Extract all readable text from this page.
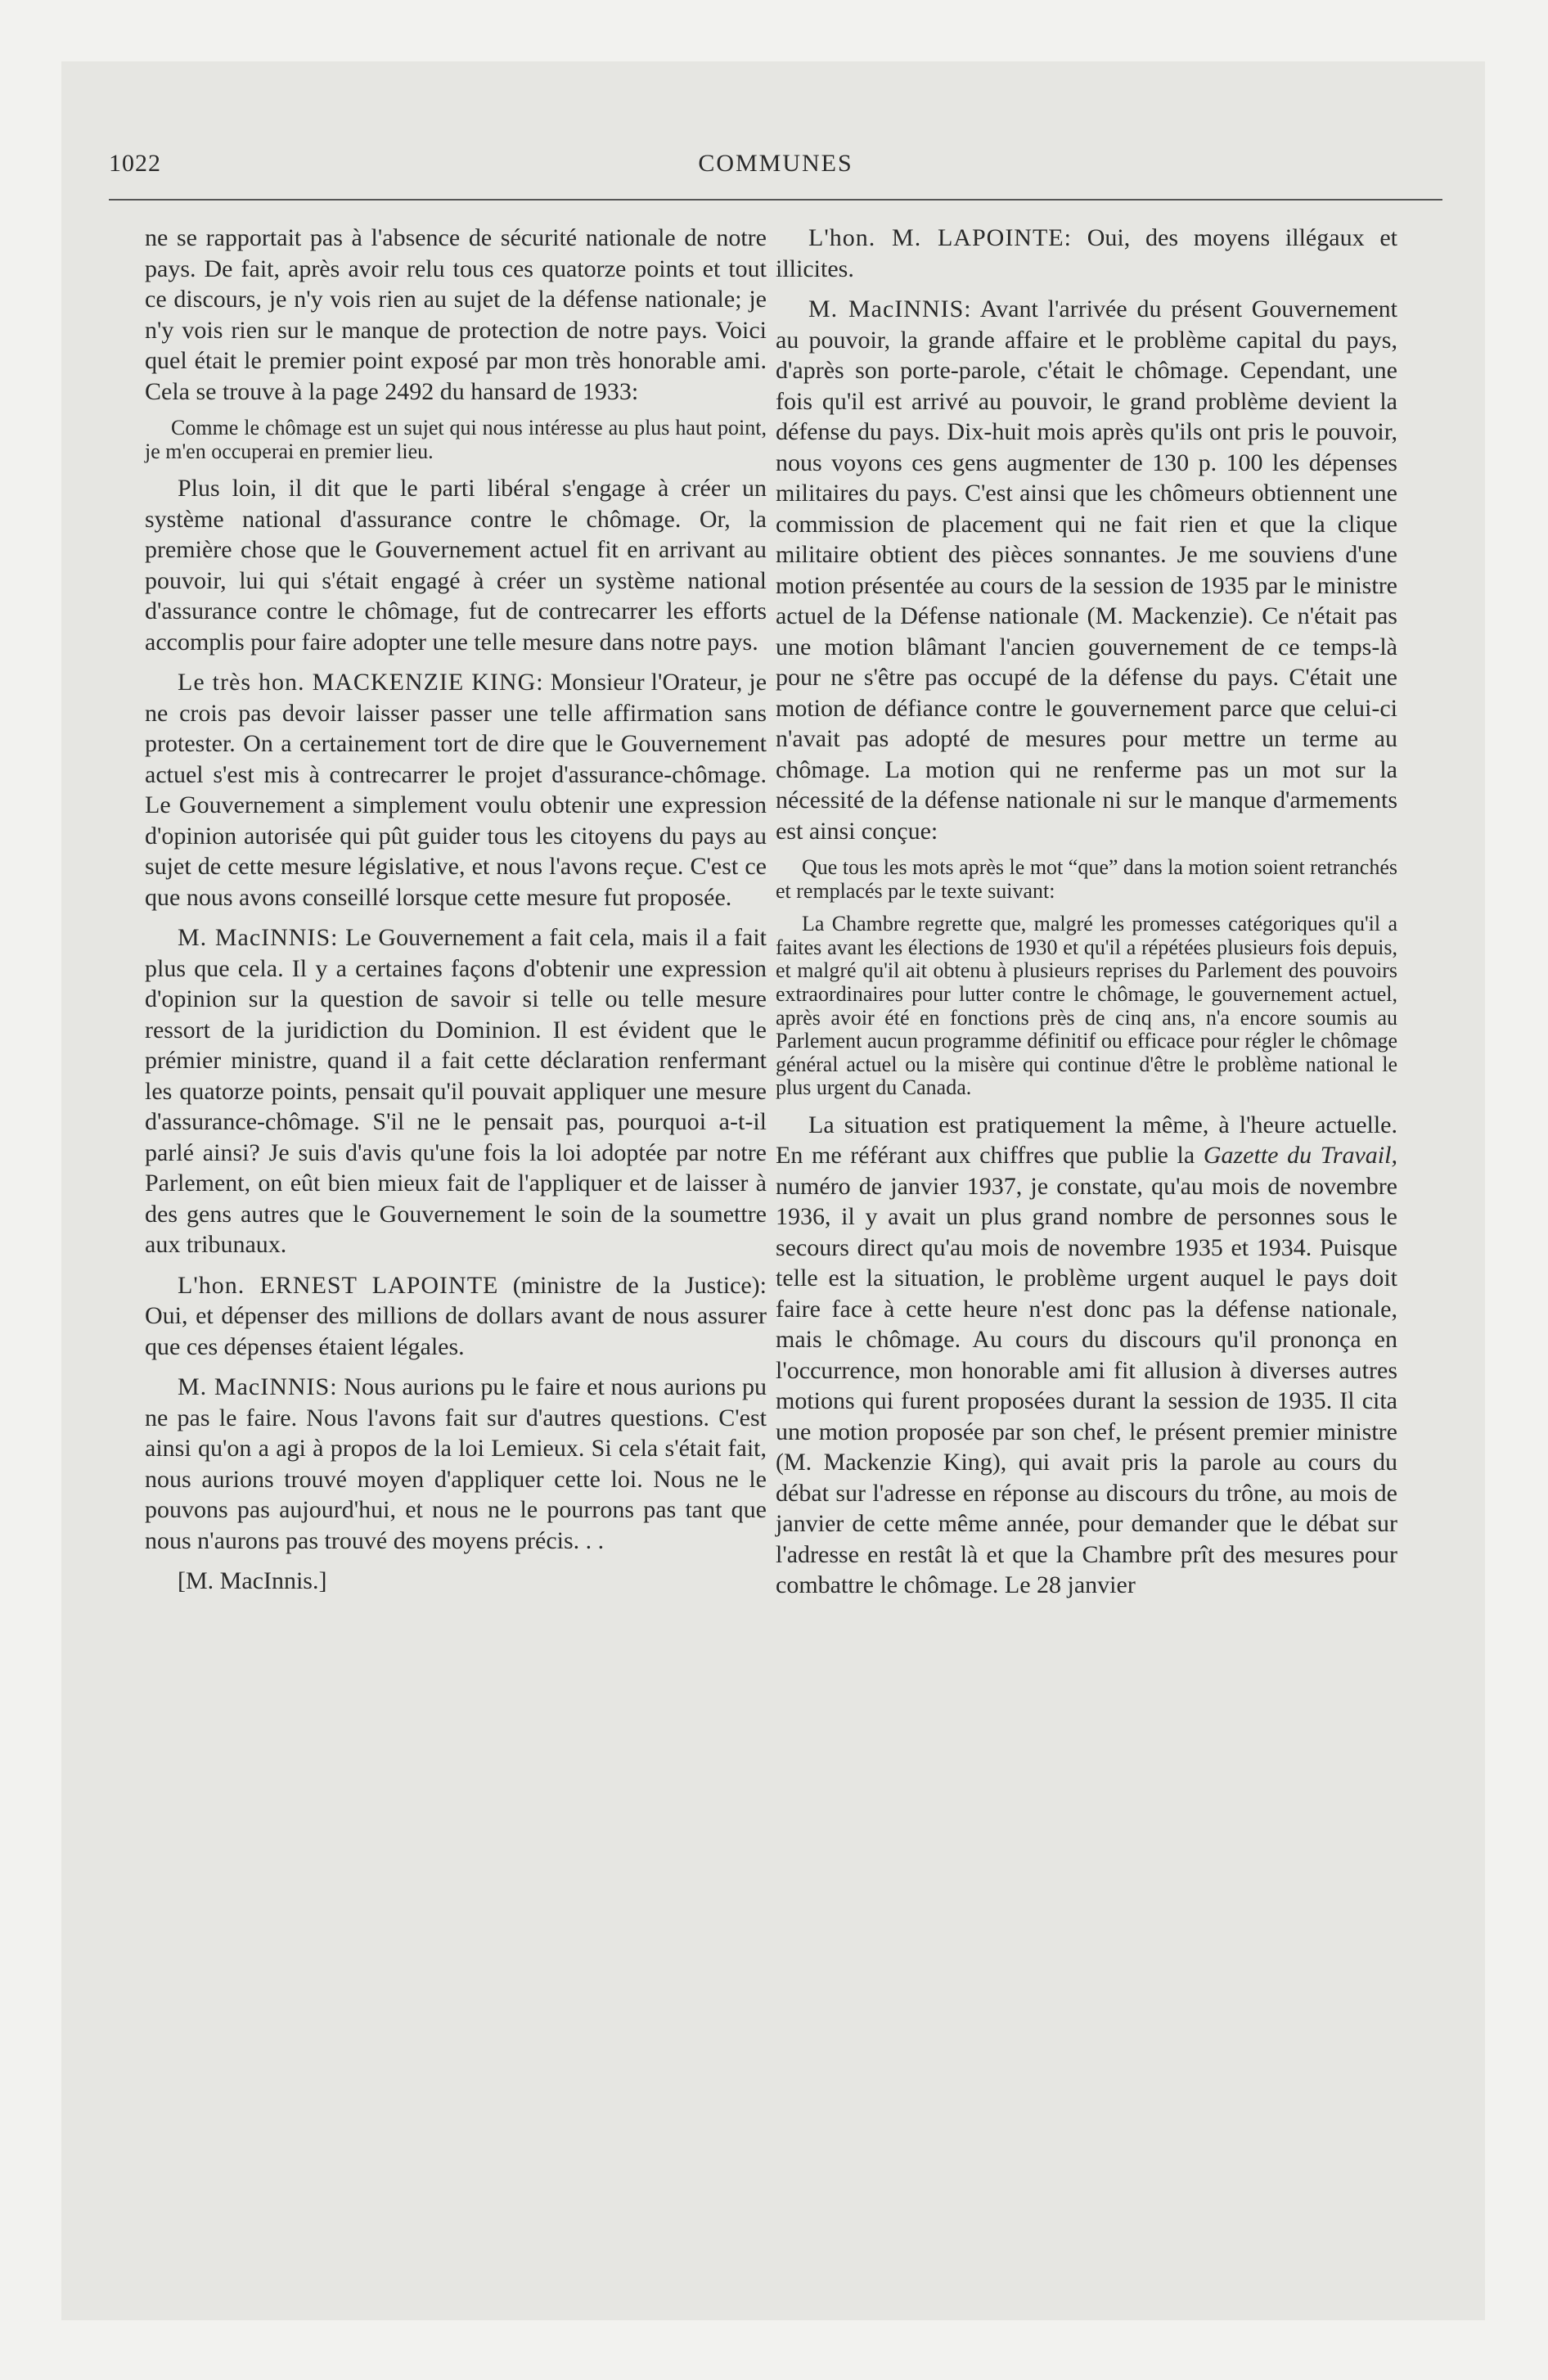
1022	COMMUNES

ne se rapportait pas à l'absence de sécurité nationale de notre pays. De fait, après avoir relu tous ces quatorze points et tout ce discours, je n'y vois rien au sujet de la défense nationale; je n'y vois rien sur le manque de protection de notre pays. Voici quel était le premier point exposé par mon très honorable ami. Cela se trouve à la page 2492 du hansard de 1933:

Comme le chômage est un sujet qui nous intéresse au plus haut point, je m'en occuperai en premier lieu.

Plus loin, il dit que le parti libéral s'engage à créer un système national d'assurance contre le chômage. Or, la première chose que le Gouvernement actuel fit en arrivant au pouvoir, lui qui s'était engagé à créer un système national d'assurance contre le chômage, fut de contrecarrer les efforts accomplis pour faire adopter une telle mesure dans notre pays.

Le très hon. MACKENZIE KING: Monsieur l'Orateur, je ne crois pas devoir laisser passer une telle affirmation sans protester. On a certainement tort de dire que le Gouvernement actuel s'est mis à contrecarrer le projet d'assurance-chômage. Le Gouvernement a simplement voulu obtenir une expression d'opinion autorisée qui pût guider tous les citoyens du pays au sujet de cette mesure législative, et nous l'avons reçue. C'est ce que nous avons conseillé lorsque cette mesure fut proposée.

M. MacINNIS: Le Gouvernement a fait cela, mais il a fait plus que cela. Il y a certaines façons d'obtenir une expression d'opinion sur la question de savoir si telle ou telle mesure ressort de la juridiction du Dominion. Il est évident que le prémier ministre, quand il a fait cette déclaration renfermant les quatorze points, pensait qu'il pouvait appliquer une mesure d'assurance-chômage. S'il ne le pensait pas, pourquoi a-t-il parlé ainsi? Je suis d'avis qu'une fois la loi adoptée par notre Parlement, on eût bien mieux fait de l'appliquer et de laisser à des gens autres que le Gouvernement le soin de la soumettre aux tribunaux.

L'hon. ERNEST LAPOINTE (ministre de la Justice): Oui, et dépenser des millions de dollars avant de nous assurer que ces dépenses étaient légales.

M. MacINNIS: Nous aurions pu le faire et nous aurions pu ne pas le faire. Nous l'avons fait sur d'autres questions. C'est ainsi qu'on a agi à propos de la loi Lemieux. Si cela s'était fait, nous aurions trouvé moyen d'appliquer cette loi. Nous ne le pouvons pas aujourd'hui, et nous ne le pourrons pas tant que nous n'aurons pas trouvé des moyens précis. . .

[M. MacInnis.]

L'hon. M. LAPOINTE: Oui, des moyens illégaux et illicites.

M. MacINNIS: Avant l'arrivée du présent Gouvernement au pouvoir, la grande affaire et le problème capital du pays, d'après son porte-parole, c'était le chômage. Cependant, une fois qu'il est arrivé au pouvoir, le grand problème devient la défense du pays. Dix-huit mois après qu'ils ont pris le pouvoir, nous voyons ces gens augmenter de 130 p. 100 les dépenses militaires du pays. C'est ainsi que les chômeurs obtiennent une commission de placement qui ne fait rien et que la clique militaire obtient des pièces sonnantes. Je me souviens d'une motion présentée au cours de la session de 1935 par le ministre actuel de la Défense nationale (M. Mackenzie). Ce n'était pas une motion blâmant l'ancien gouvernement de ce temps-là pour ne s'être pas occupé de la défense du pays. C'était une motion de défiance contre le gouvernement parce que celui-ci n'avait pas adopté de mesures pour mettre un terme au chômage. La motion qui ne renferme pas un mot sur la nécessité de la défense nationale ni sur le manque d'armements est ainsi conçue:

Que tous les mots après le mot “que” dans la motion soient retranchés et remplacés par le texte suivant:

La Chambre regrette que, malgré les promesses catégoriques qu'il a faites avant les élections de 1930 et qu'il a répétées plusieurs fois depuis, et malgré qu'il ait obtenu à plusieurs reprises du Parlement des pouvoirs extraordinaires pour lutter contre le chômage, le gouvernement actuel, après avoir été en fonctions près de cinq ans, n'a encore soumis au Parlement aucun programme définitif ou efficace pour régler le chômage général actuel ou la misère qui continue d'être le problème national le plus urgent du Canada.

La situation est pratiquement la même, à l'heure actuelle. En me référant aux chiffres que publie la Gazette du Travail, numéro de janvier 1937, je constate, qu'au mois de novembre 1936, il y avait un plus grand nombre de personnes sous le secours direct qu'au mois de novembre 1935 et 1934. Puisque telle est la situation, le problème urgent auquel le pays doit faire face à cette heure n'est donc pas la défense nationale, mais le chômage. Au cours du discours qu'il prononça en l'occurrence, mon honorable ami fit allusion à diverses autres motions qui furent proposées durant la session de 1935. Il cita une motion proposée par son chef, le présent premier ministre (M. Mackenzie King), qui avait pris la parole au cours du débat sur l'adresse en réponse au discours du trône, au mois de janvier de cette même année, pour demander que le débat sur l'adresse en restât là et que la Chambre prît des mesures pour combattre le chômage. Le 28 janvier
